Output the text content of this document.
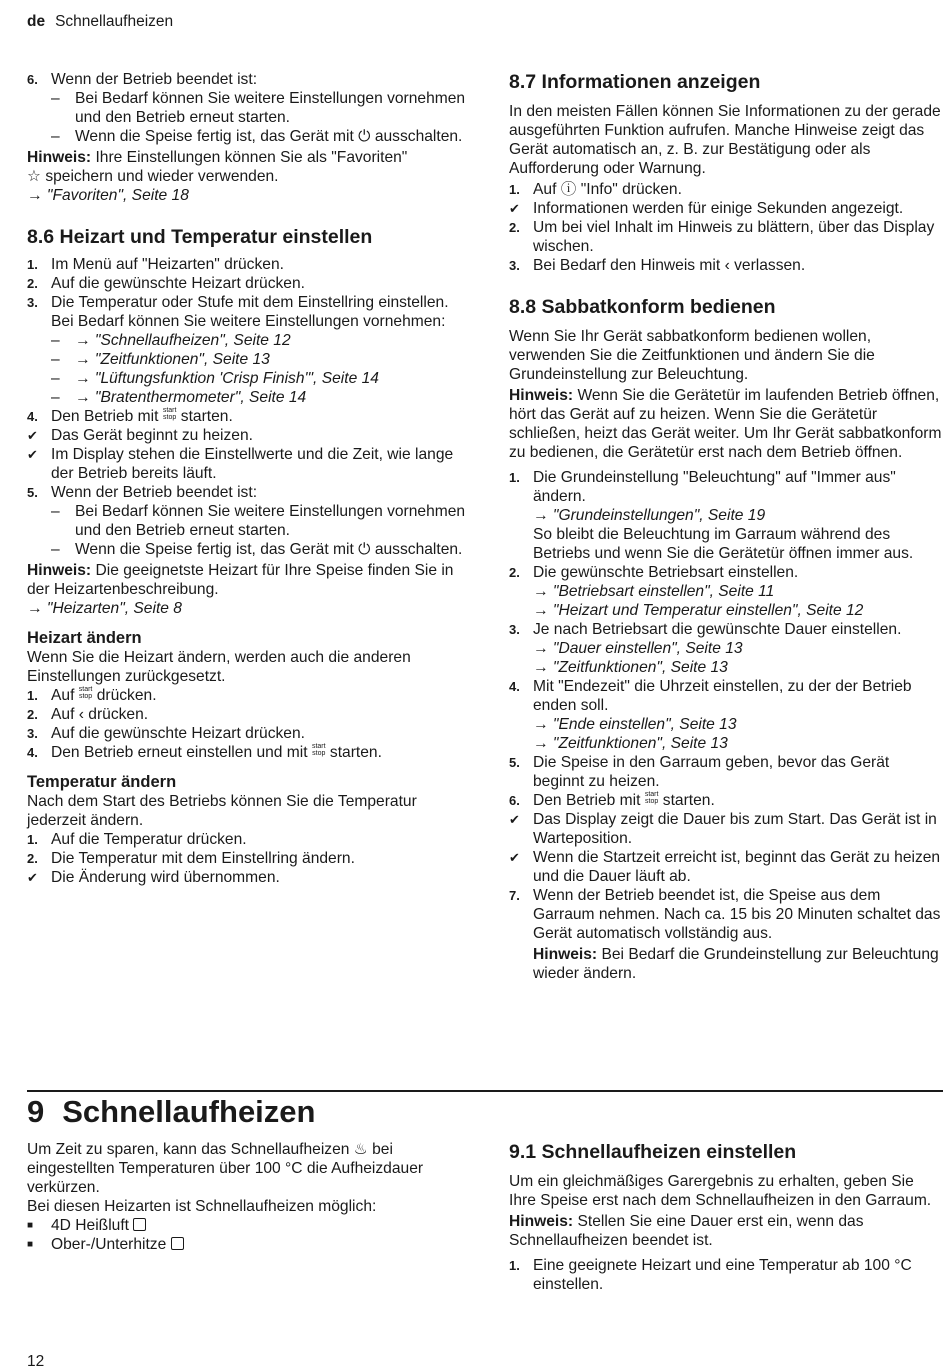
de Schnellaufheizen
6. Wenn der Betrieb beendet ist:

– Bei Bedarf können Sie weitere Einstellungen vornehmen und den Betrieb erneut starten.

– Wenn die Speise fertig ist, das Gerät mit ⏻ ausschalten.

Hinweis: Ihre Einstellungen können Sie als "Favoriten"
☆ speichern und wieder verwenden.

→ "Favoriten", Seite 18

8.6 Heizart und Temperatur einstellen
1. Im Menü auf "Heizarten" drücken.

2. Auf die gewünschte Heizart drücken.

3. Die Temperatur oder Stufe mit dem Einstellring einstellen.

Bei Bedarf können Sie weitere Einstellungen vornehmen:

– → "Schnellaufheizen", Seite 12

– → "Zeitfunktionen", Seite 13

– → "Lüftungsfunktion 'Crisp Finish'", Seite 14

– → "Bratenthermometer", Seite 14

4. Den Betrieb mit start
stop starten.

✔ Das Gerät beginnt zu heizen.

✔ Im Display stehen die Einstellwerte und die Zeit, wie lange der Betrieb bereits läuft.

5. Wenn der Betrieb beendet ist:

– Bei Bedarf können Sie weitere Einstellungen vornehmen und den Betrieb erneut starten.

– Wenn die Speise fertig ist, das Gerät mit ⏻ ausschalten.

Hinweis: Die geeignetste Heizart für Ihre Speise finden Sie in der Heizartenbeschreibung.

→ "Heizarten", Seite 8

Heizart ändern

Wenn Sie die Heizart ändern, werden auch die anderen Einstellungen zurückgesetzt.

1. Auf start
stop drücken.

2. Auf ‹ drücken.

3. Auf die gewünschte Heizart drücken.

4. Den Betrieb erneut einstellen und mit start
stop starten.

Temperatur ändern

Nach dem Start des Betriebs können Sie die Temperatur jederzeit ändern.

1. Auf die Temperatur drücken.

2. Die Temperatur mit dem Einstellring ändern.

✔ Die Änderung wird übernommen.

8.7 Informationen anzeigen

In den meisten Fällen können Sie Informationen zu der gerade ausgeführten Funktion aufrufen. Manche Hinweise zeigt das Gerät automatisch an, z. B. zur Bestätigung oder als Aufforderung oder Warnung.

1. Auf ⓘ "Info" drücken.

✔ Informationen werden für einige Sekunden angezeigt.

2. Um bei viel Inhalt im Hinweis zu blättern, über das Display wischen.

3. Bei Bedarf den Hinweis mit ‹ verlassen.

8.8 Sabbatkonform bedienen

Wenn Sie Ihr Gerät sabbatkonform bedienen wollen, verwenden Sie die Zeitfunktionen und ändern Sie die Grundeinstellung zur Beleuchtung.

Hinweis: Wenn Sie die Gerätetür im laufenden Betrieb öffnen, hört das Gerät auf zu heizen. Wenn Sie die Gerätetür schließen, heizt das Gerät weiter. Um Ihr Gerät sabbatkonform zu bedienen, die Gerätetür erst nach dem Betrieb öffnen.

1. Die Grundeinstellung "Beleuchtung" auf "Immer aus" ändern.

→ "Grundeinstellungen", Seite 19

So bleibt die Beleuchtung im Garraum während des Betriebs und wenn Sie die Gerätetür öffnen immer aus.

2. Die gewünschte Betriebsart einstellen.

→ "Betriebsart einstellen", Seite 11

→ "Heizart und Temperatur einstellen", Seite 12

3. Je nach Betriebsart die gewünschte Dauer einstellen.

→ "Dauer einstellen", Seite 13

→ "Zeitfunktionen", Seite 13

4. Mit "Endezeit" die Uhrzeit einstellen, zu der der Betrieb enden soll.

→ "Ende einstellen", Seite 13

→ "Zeitfunktionen", Seite 13

5. Die Speise in den Garraum geben, bevor das Gerät beginnt zu heizen.

6. Den Betrieb mit start
stop starten.

✔ Das Display zeigt die Dauer bis zum Start. Das Gerät ist in Warteposition.

✔ Wenn die Startzeit erreicht ist, beginnt das Gerät zu heizen und die Dauer läuft ab.

7. Wenn der Betrieb beendet ist, die Speise aus dem Garraum nehmen. Nach ca. 15 bis 20 Minuten schaltet das Gerät automatisch vollständig aus.

Hinweis: Bei Bedarf die Grundeinstellung zur Beleuchtung wieder ändern.

9 Schnellaufheizen

Um Zeit zu sparen, kann das Schnellaufheizen ♨ bei eingestellten Temperaturen über 100 °C die Aufheizdauer verkürzen.

Bei diesen Heizarten ist Schnellaufheizen möglich:

■ 4D Heißluft

■ Ober-/Unterhitze

9.1 Schnellaufheizen einstellen

Um ein gleichmäßiges Garergebnis zu erhalten, geben Sie Ihre Speise erst nach dem Schnellaufheizen in den Garraum.

Hinweis: Stellen Sie eine Dauer erst ein, wenn das Schnellaufheizen beendet ist.

1. Eine geeignete Heizart und eine Temperatur ab 100 °C einstellen.

12
